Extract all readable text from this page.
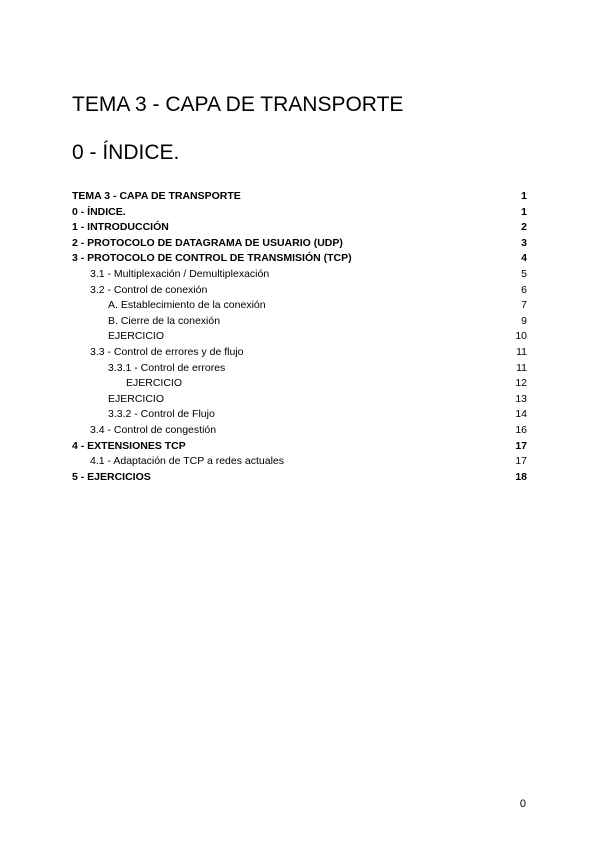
TEMA 3 - CAPA DE TRANSPORTE
0 - ÍNDICE.
TEMA 3 - CAPA DE TRANSPORTE	1
0 - ÍNDICE.	1
1 - INTRODUCCIÓN	2
2 - PROTOCOLO DE DATAGRAMA DE USUARIO (UDP)	3
3 - PROTOCOLO DE CONTROL DE TRANSMISIÓN (TCP)	4
3.1 - Multiplexación / Demultiplexación	5
3.2 - Control de conexión	6
A. Establecimiento de la conexión	7
B. Cierre de la conexión	9
EJERCICIO	10
3.3 - Control de errores y de flujo	11
3.3.1 - Control de errores	11
EJERCICIO	12
EJERCICIO	13
3.3.2 - Control de Flujo	14
3.4 - Control de congestión	16
4 - EXTENSIONES TCP	17
4.1 - Adaptación de TCP a redes actuales	17
5 - EJERCICIOS	18
0
